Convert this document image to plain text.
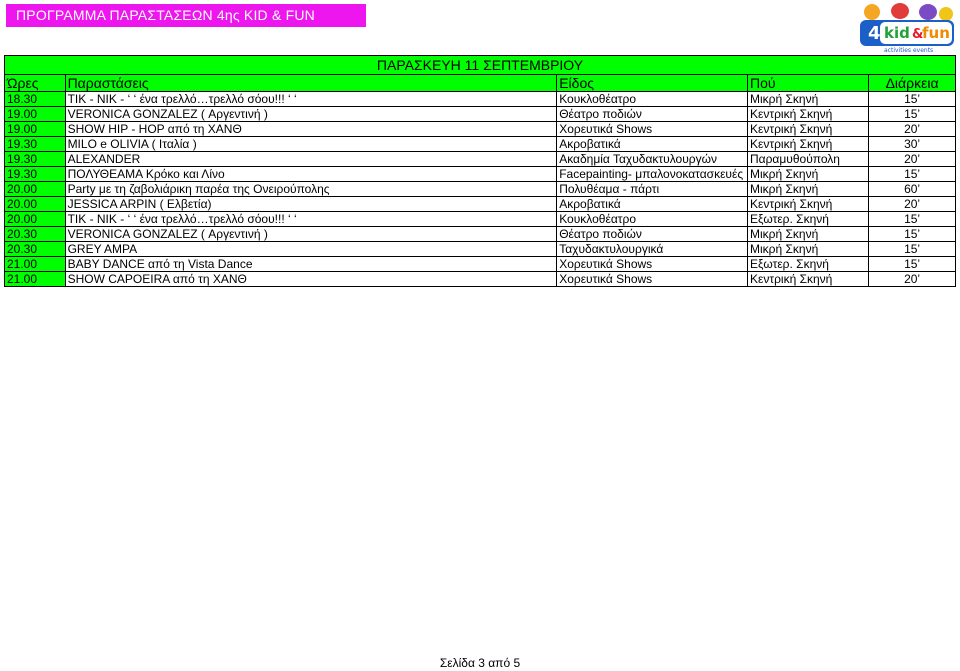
ΠΡΟΓΡΑΜΜΑ ΠΑΡΑΣΤΑΣΕΩΝ 4ης KID & FUN
4 kid &
fun
activities events
ΠΑΡΑΣΚΕΥΗ 11 ΣΕΠΤΕΜΒΡΙΟΥ				
Ώρες	Παραστάσεις	Είδος	Πού	Διάρκεια
18.30	TIK - NIK - ‘ ‘ ένα τρελλό…τρελλό σόου!!! ‘ ‘	Κουκλοθέατρο	Μικρή Σκηνή	15’
19.00	VERONICA GONZALEZ ( Αργεντινή )	Θέατρο ποδιών	Κεντρική Σκηνή	15’
19.00	SHOW HIP - HOP από τη ΧΑΝΘ	Χορευτικά Shows	Κεντρική Σκηνή	20’
19.30	MILO e OLIVIA ( Ιταλία )	Ακροβατικά	Κεντρική Σκηνή	30’
19.30	ALEXANDER	Ακαδημία Ταχυδακτυλουργών	Παραμυθούπολη	20’
19.30	ΠΟΛΥΘΕΑΜΑ Κρόκο και Λίνο	Facepainting- μπαλονοκατασκευές	Μικρή Σκηνή	15’
20.00	Party με τη ζαβολιάρικη παρέα της Ονειρούπολης	Πολυθέαμα - πάρτι	Μικρή Σκηνή	60’
20.00	JESSICA ARPIN ( Ελβετία)	Ακροβατικά	Κεντρική Σκηνή	20’
20.00	TIK - NIK - ‘ ‘ ένα τρελλό…τρελλό σόου!!! ‘ ‘	Κουκλοθέατρο	Εξωτερ. Σκηνή	15’
20.30	VERONICA GONZALEZ ( Αργεντινή )	Θέατρο ποδιών	Μικρή Σκηνή	15’
20.30	GREY AMPA	Ταχυδακτυλουργικά	Μικρή Σκηνή	15’
21.00	BABY DANCE από τη Vista Dance	Χορευτικά Shows	Εξωτερ. Σκηνή	15’
21.00	SHOW CAPOEIRA από τη ΧΑΝΘ	Χορευτικά Shows	Κεντρική Σκηνή	20’
Σελίδα 3 από 5
